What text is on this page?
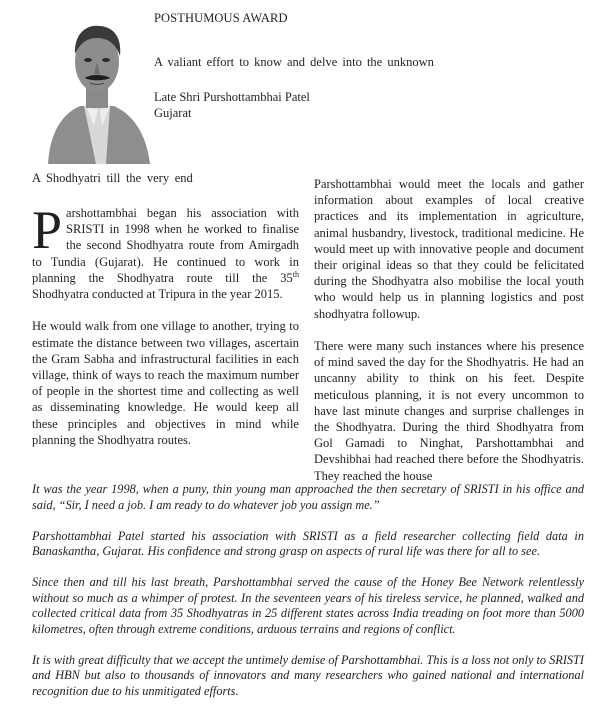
POSTHUMOUS AWARD
A valiant effort to know and delve into the unknown
Late Shri Purshottambhai Patel
Gujarat
A Shodhyatri till the very end

Parshottambhai began his association with SRISTI in 1998 when he worked to finalise the second Shodhyatra route from Amirgadh to Tundia (Gujarat). He continued to work in planning the Shodhyatra route till the 35th Shodhyatra conducted at Tripura in the year 2015.

He would walk from one village to another, trying to estimate the distance between two villages, ascertain the Gram Sabha and infrastructural facilities in each village, think of ways to reach the maximum number of people in the shortest time and collecting as well as disseminating knowledge. He would keep all these principles and objectives in mind while planning the Shodhyatra routes.

Parshottambhai would meet the locals and gather information about examples of local creative practices and its implementation in agriculture, animal husbandry, livestock, traditional medicine. He would meet up with innovative people and document their original ideas so that they could be felicitated during the Shodhyatra also mobilise the local youth who would help us in planning logistics and post shodhyatra followup.

There were many such instances where his presence of mind saved the day for the Shodhyatris. He had an uncanny ability to think on his feet. Despite meticulous planning, it is not every uncommon to have last minute changes and surprise challenges in the Shodhyatra. During the third Shodhyatra from Gol Gamadi to Ninghat, Parshottambhai and Devshibhai had reached there before the Shodhyatris. They reached the house

It was the year 1998, when a puny, thin young man approached the then secretary of SRISTI in his office and said, “Sir, I need a job. I am ready to do whatever job you assign me.”

Parshottambhai Patel started his association with SRISTI as a field researcher collecting field data in Banaskantha, Gujarat. His confidence and strong grasp on aspects of rural life was there for all to see.

Since then and till his last breath, Parshottambhai served the cause of the Honey Bee Network relentlessly without so much as a whimper of protest. In the seventeen years of his tireless service, he planned, walked and collected critical data from 35 Shodhyatras in 25 different states across India treading on foot more than 5000 kilometres, often through extreme conditions, arduous terrains and regions of conflict.

It is with great difficulty that we accept the untimely demise of Parshottambhai. This is a loss not only to SRISTI and HBN but also to thousands of innovators and many researchers who gained national and international recognition due to his unmitigated efforts.
